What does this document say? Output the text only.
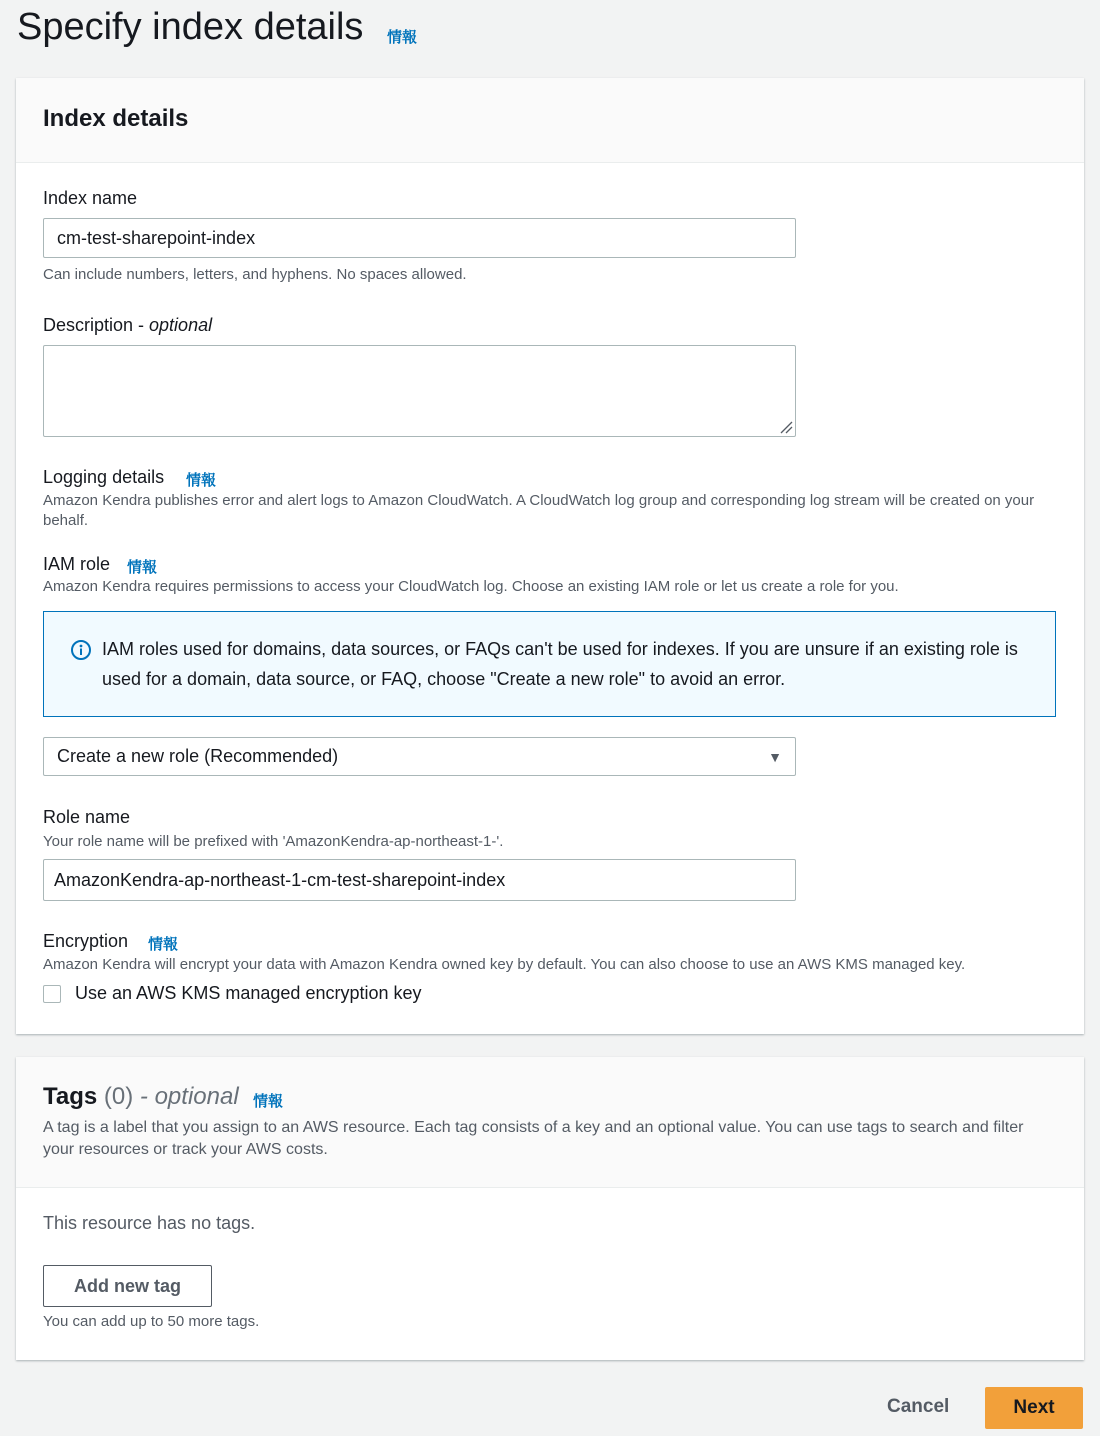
Specify index details 情報
Index details
Index name
cm-test-sharepoint-index
Can include numbers, letters, and hyphens. No spaces allowed.
Description - optional
Logging details 情報
Amazon Kendra publishes error and alert logs to Amazon CloudWatch. A CloudWatch log group and corresponding log stream will be created on your behalf.
IAM role 情報
Amazon Kendra requires permissions to access your CloudWatch log. Choose an existing IAM role or let us create a role for you.
IAM roles used for domains, data sources, or FAQs can't be used for indexes. If you are unsure if an existing role is used for a domain, data source, or FAQ, choose "Create a new role" to avoid an error.
Create a new role (Recommended)	▼
Role name
Your role name will be prefixed with 'AmazonKendra-ap-northeast-1-'.
AmazonKendra-ap-northeast-1-cm-test-sharepoint-index
Encryption 情報
Amazon Kendra will encrypt your data with Amazon Kendra owned key by default. You can also choose to use an AWS KMS managed key.
Use an AWS KMS managed encryption key
Tags (0) - optional 情報
A tag is a label that you assign to an AWS resource. Each tag consists of a key and an optional value. You can use tags to search and filter your resources or track your AWS costs.
This resource has no tags.
Add new tag
You can add up to 50 more tags.
Cancel	Next
